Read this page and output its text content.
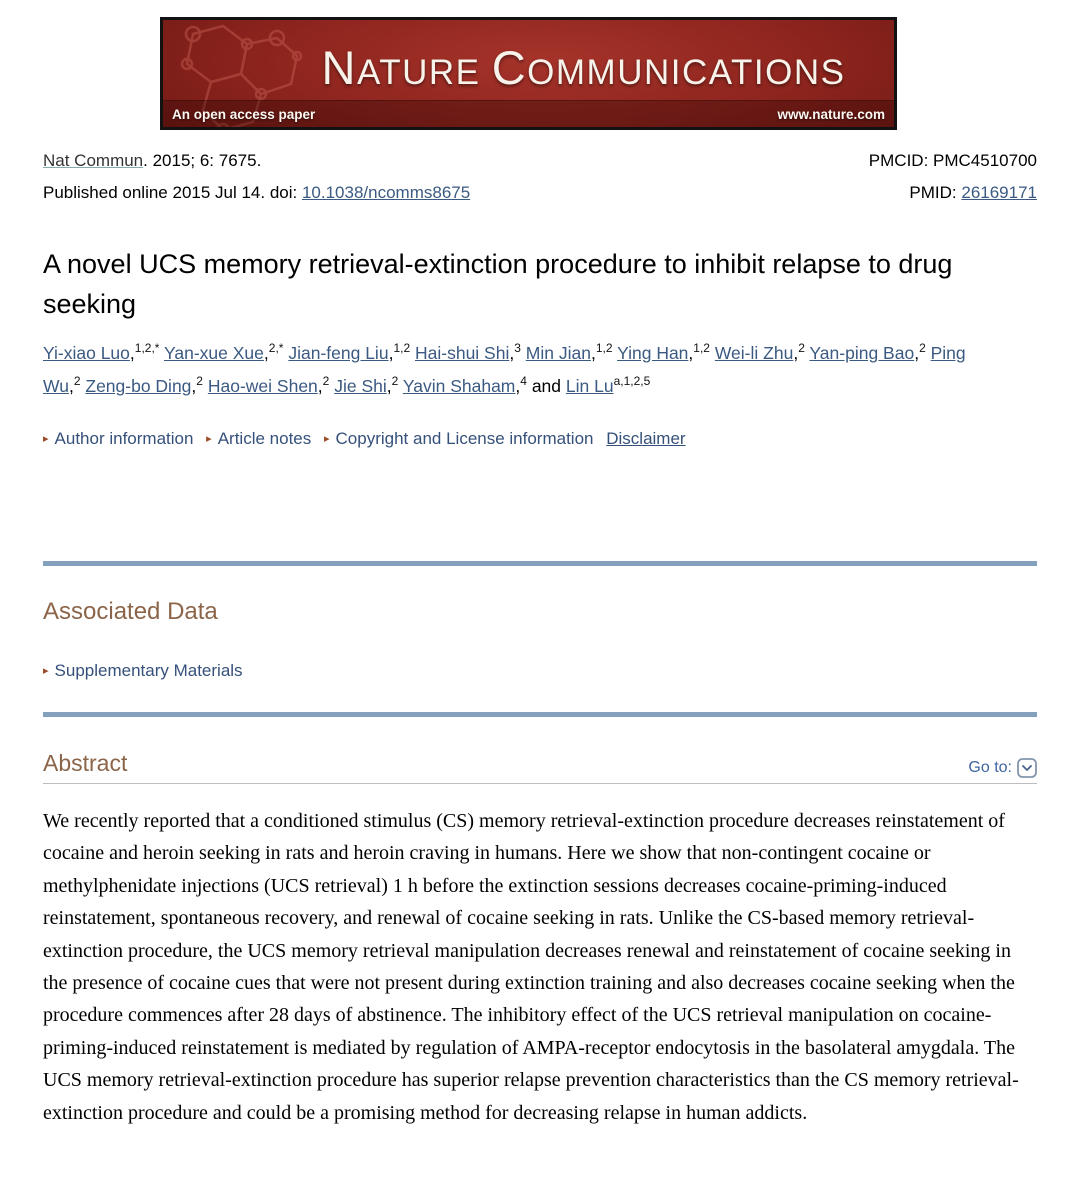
NATURE COMMUNICATIONS
An open access paper	www.nature.com
Nat Commun. 2015; 6: 7675.	PMCID: PMC4510700
Published online 2015 Jul 14. doi: 10.1038/ncomms8675	PMID: 26169171
A novel UCS memory retrieval-extinction procedure to inhibit relapse to drug seeking
Yi-xiao Luo,$^{1,2,*}$ Yan-xue Xue,$^{2,*}$ Jian-feng Liu,$^{1,2}$ Hai-shui Shi,$^3$ Min Jian,$^{1,2}$ Ying Han,$^{1,2}$ Wei-li Zhu,$^2$ Yan-ping Bao,$^2$ Ping Wu,$^2$ Zeng-bo Ding,$^2$ Hao-wei Shen,$^2$ Jie Shi,$^2$ Yavin Shaham,$^4$ and Lin Lu$^{a,1,2,5}$
▸ Author information ▸ Article notes ▸ Copyright and License information Disclaimer
Associated Data
▸ Supplementary Materials
Abstract	Go to:

We recently reported that a conditioned stimulus (CS) memory retrieval-extinction procedure decreases reinstatement of cocaine and heroin seeking in rats and heroin craving in humans. Here we show that non-contingent cocaine or methylphenidate injections (UCS retrieval) 1 h before the extinction sessions decreases cocaine-priming-induced reinstatement, spontaneous recovery, and renewal of cocaine seeking in rats. Unlike the CS-based memory retrieval-extinction procedure, the UCS memory retrieval manipulation decreases renewal and reinstatement of cocaine seeking in the presence of cocaine cues that were not present during extinction training and also decreases cocaine seeking when the procedure commences after 28 days of abstinence. The inhibitory effect of the UCS retrieval manipulation on cocaine-priming-induced reinstatement is mediated by regulation of AMPA-receptor endocytosis in the basolateral amygdala. The UCS memory retrieval-extinction procedure has superior relapse prevention characteristics than the CS memory retrieval-extinction procedure and could be a promising method for decreasing relapse in human addicts.
